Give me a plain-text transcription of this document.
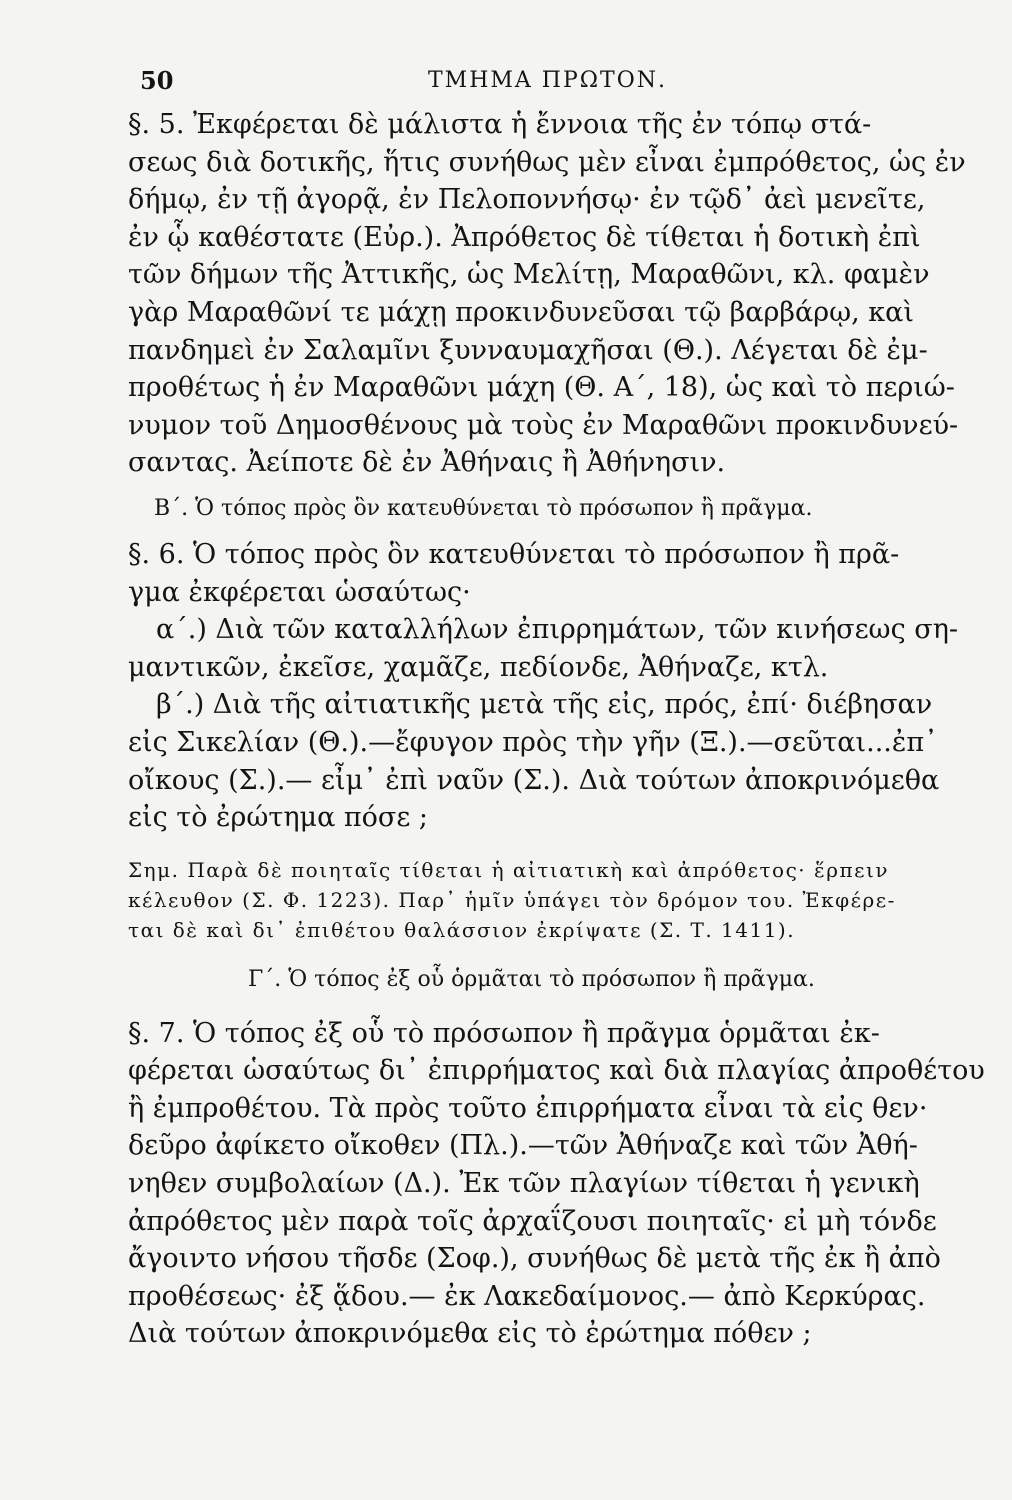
50	ΤΜΗΜΑ ΠΡΩΤΟΝ.
§. 5. Ἐκφέρεται δὲ μάλιστα ἡ ἔννοια τῆς ἐν τόπῳ στά-
σεως διὰ δοτικῆς, ἥτις συνήθως μὲν εἶναι ἐμπρόθετος, ὡς ἐν
δήμῳ, ἐν τῇ ἀγορᾷ, ἐν Πελοποννήσῳ· ἐν τῷδ᾽ ἀεὶ μενεῖτε,
ἐν ᾧ καθέστατε (Εὐρ.). Ἀπρόθετος δὲ τίθεται ἡ δοτικὴ ἐπὶ
τῶν δήμων τῆς Ἀττικῆς, ὡς Μελίτῃ, Μαραθῶνι, κλ. φαμὲν
γὰρ Μαραθῶνί τε μάχῃ προκινδυνεῦσαι τῷ βαρβάρῳ, καὶ
πανδημεὶ ἐν Σαλαμῖνι ξυνναυμαχῆσαι (Θ.). Λέγεται δὲ ἐμ-
προθέτως ἡ ἐν Μαραθῶνι μάχη (Θ. Α΄, 18), ὡς καὶ τὸ περιώ-
νυμον τοῦ Δημοσθένους μὰ τοὺς ἐν Μαραθῶνι προκινδυνεύ-
σαντας. Ἀείποτε δὲ ἐν Ἀθήναις ἢ Ἀθήνησιν.
Β΄. Ὁ τόπος πρὸς ὃν κατευθύνεται τὸ πρόσωπον ἢ πρᾶγμα.
§. 6. Ὁ τόπος πρὸς ὃν κατευθύνεται τὸ πρόσωπον ἢ πρᾶ-
γμα ἐκφέρεται ὡσαύτως·
α΄.) Διὰ τῶν καταλλήλων ἐπιρρημάτων, τῶν κινήσεως ση-
μαντικῶν, ἐκεῖσε, χαμᾶζε, πεδίονδε, Ἀθήναζε, κτλ.
β΄.) Διὰ τῆς αἰτιατικῆς μετὰ τῆς εἰς, πρός, ἐπί· διέβησαν
εἰς Σικελίαν (Θ.).—ἔφυγον πρὸς τὴν γῆν (Ξ.).—σεῦται...ἐπ᾽
οἴκους (Σ.).— εἶμ᾽ ἐπὶ ναῦν (Σ.). Διὰ τούτων ἀποκρινόμεθα
εἰς τὸ ἐρώτημα πόσε ;
Σημ. Παρὰ δὲ ποιηταῖς τίθεται ἡ αἰτιατικὴ καὶ ἀπρόθετος· ἕρπειν
κέλευθον (Σ. Φ. 1223). Παρ᾽ ἡμῖν ὑπάγει τὸν δρόμον του. Ἐκφέρε-
ται δὲ καὶ δι᾽ ἐπιθέτου θαλάσσιον ἐκρίψατε (Σ. Τ. 1411).
Γ΄. Ὁ τόπος ἐξ οὗ ὁρμᾶται τὸ πρόσωπον ἢ πρᾶγμα.
§. 7. Ὁ τόπος ἐξ οὗ τὸ πρόσωπον ἢ πρᾶγμα ὁρμᾶται ἐκ-
φέρεται ὡσαύτως δι᾽ ἐπιρρήματος καὶ διὰ πλαγίας ἀπροθέτου
ἢ ἐμπροθέτου. Τὰ πρὸς τοῦτο ἐπιρρήματα εἶναι τὰ εἰς θεν·
δεῦρο ἀφίκετο οἴκοθεν (Πλ.).—τῶν Ἀθήναζε καὶ τῶν Ἀθή-
νηθεν συμβολαίων (Δ.). Ἐκ τῶν πλαγίων τίθεται ἡ γενικὴ
ἀπρόθετος μὲν παρὰ τοῖς ἀρχαΐζουσι ποιηταῖς· εἰ μὴ τόνδε
ἄγοιντο νήσου τῆσδε (Σοφ.), συνήθως δὲ μετὰ τῆς ἐκ ἢ ἀπὸ
προθέσεως· ἐξ ᾅδου.— ἐκ Λακεδαίμονος.— ἀπὸ Κερκύρας.
Διὰ τούτων ἀποκρινόμεθα εἰς τὸ ἐρώτημα πόθεν ;
